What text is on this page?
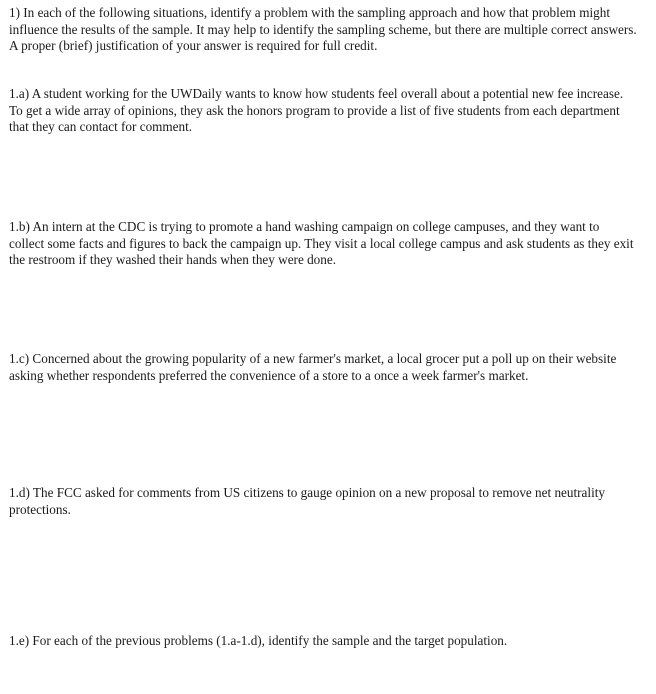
1) In each of the following situations, identify a problem with the sampling approach and how that problem might influence the results of the sample. It may help to identify the sampling scheme, but there are multiple correct answers. A proper (brief) justification of your answer is required for full credit.

1.a) A student working for the UWDaily wants to know how students feel overall about a potential new fee increase. To get a wide array of opinions, they ask the honors program to provide a list of five students from each department that they can contact for comment.

1.b) An intern at the CDC is trying to promote a hand washing campaign on college campuses, and they want to collect some facts and figures to back the campaign up. They visit a local college campus and ask students as they exit the restroom if they washed their hands when they were done.

1.c) Concerned about the growing popularity of a new farmer's market, a local grocer put a poll up on their website asking whether respondents preferred the convenience of a store to a once a week farmer's market.

1.d) The FCC asked for comments from US citizens to gauge opinion on a new proposal to remove net neutrality protections.

1.e) For each of the previous problems (1.a-1.d), identify the sample and the target population.
